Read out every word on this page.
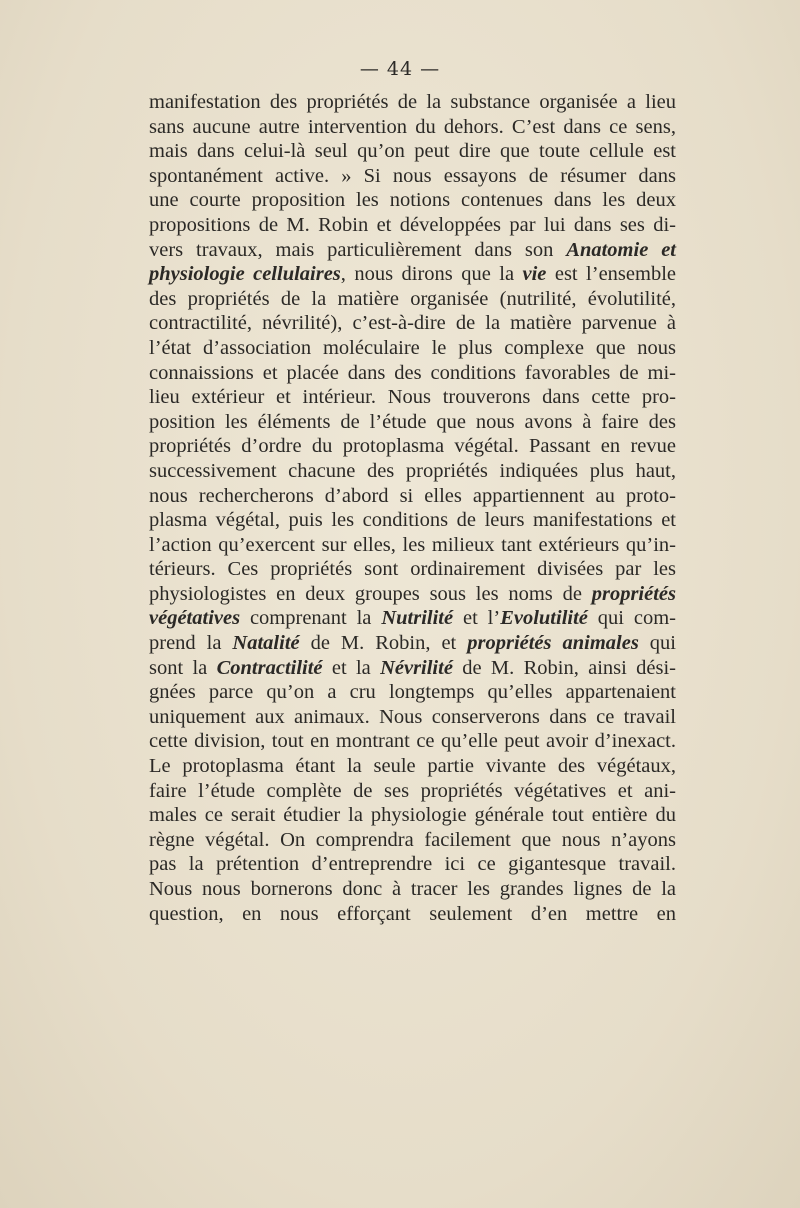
— 44 —
manifestation des propriétés de la substance organisée a lieu
sans aucune autre intervention du dehors. C’est dans ce sens,
mais dans celui-là seul qu’on peut dire que toute cellule est
spontanément active. » Si nous essayons de résumer dans
une courte proposition les notions contenues dans les deux
propositions de M. Robin et développées par lui dans ses di-
vers travaux, mais particulièrement dans son Anatomie et
physiologie cellulaires, nous dirons que la vie est l’ensemble
des propriétés de la matière organisée (nutrilité, évolutilité,
contractilité, névrilité), c’est-à-dire de la matière parvenue à
l’état d’association moléculaire le plus complexe que nous
connaissions et placée dans des conditions favorables de mi-
lieu extérieur et intérieur. Nous trouverons dans cette pro-
position les éléments de l’étude que nous avons à faire des
propriétés d’ordre du protoplasma végétal. Passant en revue
successivement chacune des propriétés indiquées plus haut,
nous rechercherons d’abord si elles appartiennent au proto-
plasma végétal, puis les conditions de leurs manifestations et
l’action qu’exercent sur elles, les milieux tant extérieurs qu’in-
térieurs. Ces propriétés sont ordinairement divisées par les
physiologistes en deux groupes sous les noms de propriétés
végétatives comprenant la Nutrilité et l’Evolutilité qui com-
prend la Natalité de M. Robin, et propriétés animales qui
sont la Contractilité et la Névrilité de M. Robin, ainsi dési-
gnées parce qu’on a cru longtemps qu’elles appartenaient
uniquement aux animaux. Nous conserverons dans ce travail
cette division, tout en montrant ce qu’elle peut avoir d’inexact.
Le protoplasma étant la seule partie vivante des végétaux,
faire l’étude complète de ses propriétés végétatives et ani-
males ce serait étudier la physiologie générale tout entière du
règne végétal. On comprendra facilement que nous n’ayons
pas la prétention d’entreprendre ici ce gigantesque travail.
Nous nous bornerons donc à tracer les grandes lignes de la
question, en nous efforçant seulement d’en mettre en
